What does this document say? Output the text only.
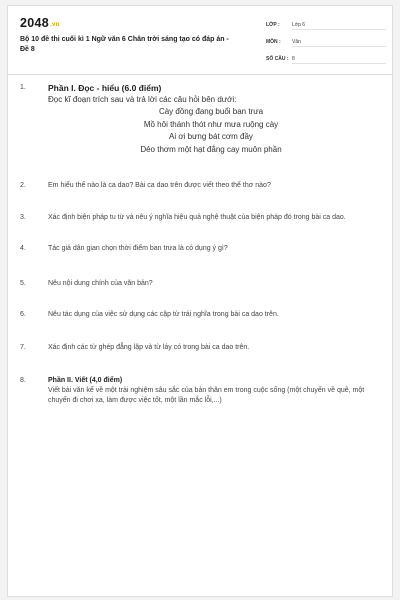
2048.vn
Bộ 10 đề thi cuối kì 1 Ngữ văn 6 Chân trời sáng tạo có đáp án - Đề 8
LỚP : Lớp 6
MÔN : Văn
SỐ CÂU : 8
1.	Phần I. Đọc - hiểu (6.0 điểm)
Đọc kĩ đoạn trích sau và trả lời các câu hỏi bên dưới:
Cày đồng đang buổi ban trưa
Mồ hôi thánh thót như mưa ruộng cày
Ai ơi bưng bát cơm đầy
Dẻo thơm một hạt đắng cay muôn phần
2.	Em hiểu thế nào là ca dao? Bài ca dao trên được viết theo thể thơ nào?
3.	Xác định biện pháp tu từ và nêu ý nghĩa hiệu quả nghệ thuật của biện pháp đó trong bài ca dao.
4.	Tác giả dân gian chọn thời điểm ban trưa là có dụng ý gì?
5.	Nêu nội dung chính của văn bản?
6.	Nêu tác dụng của việc sử dụng các cặp từ trái nghĩa trong bài ca dao trên.
7.	Xác định các từ ghép đẳng lập và từ láy có trong bài ca dao trên.
8.	Phần II. Viết (4,0 điểm)
Viết bài văn kể về một trải nghiệm sâu sắc của bản thân em trong cuộc sống (một chuyến về quê, một chuyến đi chơi xa, làm được việc tốt, một lần mắc lỗi,...)
